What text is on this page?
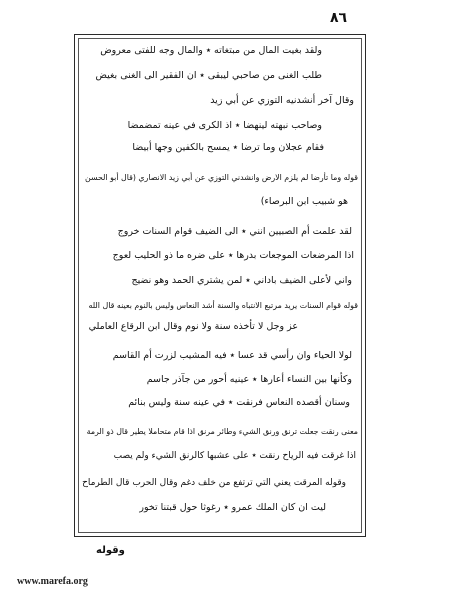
٨٦
ولقد بغيت المال من مبتغاته ٭ والمال وجه للفتى معروض
طلب الغنى من صاحبي ليبقى ٭ ان الفقير الى الغنى بغيض
وقال آخر أنشدنيه التوزي عن أبي زيد
وصاحب نبهته لينهضا ٭ اذ الكرى في عينه تمضمضا
فقام عجلان وما ترضا ٭ يمسح بالكفين وجها أبيضا
قوله وما تأرضا لم يلزم الارض وانشدني التوزي عن أبي زيد الانصاري (قال أبو الحسن
هو شبيب ابن البرصاء)
لقد علمت أم الصبيين انني ٭ الى الضيف قوام السنات خروج
اذا المرضعات الموجعات بدرها ٭ على ضره ما ذو الحليب لعوج
واني لأعلى الضيف باداني ٭ لمن يشتري الحمد وهو نضيج
قوله قوام السنات يريد مرتبع الانتباه والسنة أشد النعاس وليس بالنوم بعينه قال الله
عز وجل لا تأخذه سنة ولا نوم وقال ابن الرقاع العاملي
لولا الحياء وان رأسي قد عسا ٭ فيه المشيب لزرت أم القاسم
وكأنها بين النساء أعارها ٭ عينيه أحور من جآذر جاسم
وسنان أقصده النعاس فرنقت ٭ في عينه سنة وليس بنائم
معنى رنقت جعلت ترنق ورنق الشيء وطائر مرنق اذا قام متحاملا يطير قال ذو الرمة
اذا غرقت فيه الرياح رنقت ٭ على عشبها كالرنق الشيء ولم يصب
وقوله المرقت يعني التي ترتفع من خلف دغم وقال الحرب قال الطرماح
ليت ان كان الملك عمرو ٭ رغوثا حول قبتنا تخور
وقوله
www.marefa.org
